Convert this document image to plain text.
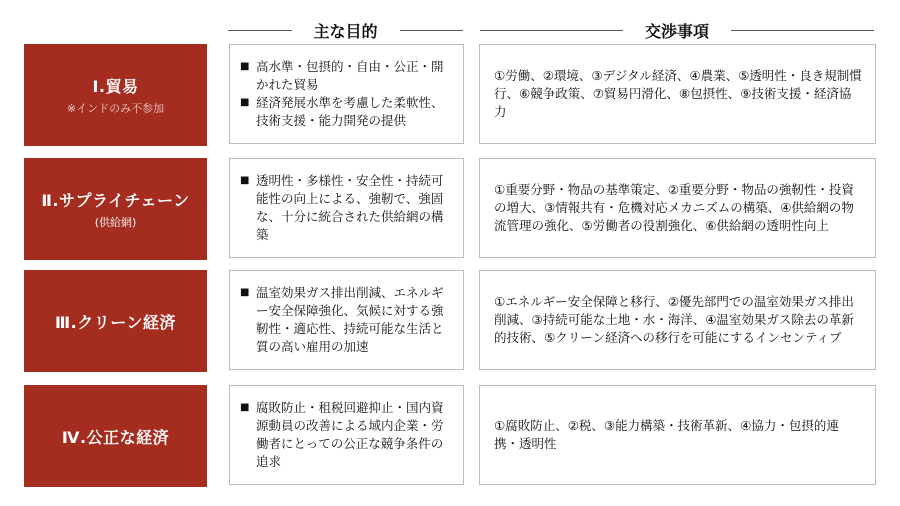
主な目的	交渉事項
Ⅰ.貿易
※インドのみ不参加
■ 高水準・包摂的・自由・公正・開かれた貿易
■ 経済発展水準を考慮した柔軟性、技術支援・能力開発の提供
①労働、②環境、③デジタル経済、④農業、⑤透明性・良き規制慣行、⑥競争政策、⑦貿易円滑化、⑧包摂性、⑨技術支援・経済協力
Ⅱ.サプライチェーン
(供給網)
■ 透明性・多様性・安全性・持続可能性の向上による、強靭で、強固な、十分に統合された供給網の構築
①重要分野・物品の基準策定、②重要分野・物品の強靭性・投資の増大、③情報共有・危機対応メカニズムの構築、④供給網の物流管理の強化、⑤労働者の役割強化、⑥供給網の透明性向上
Ⅲ.クリーン経済
■ 温室効果ガス排出削減、エネルギー安全保障強化、気候に対する強靭性・適応性、持続可能な生活と質の高い雇用の加速
①エネルギー安全保障と移行、②優先部門での温室効果ガス排出削減、③持続可能な土地・水・海洋、④温室効果ガス除去の革新的技術、⑤クリーン経済への移行を可能にするインセンティブ
Ⅳ.公正な経済
■ 腐敗防止・租税回避抑止・国内資源動員の改善による域内企業・労働者にとっての公正な競争条件の追求
①腐敗防止、②税、③能力構築・技術革新、④協力・包摂的連携・透明性
